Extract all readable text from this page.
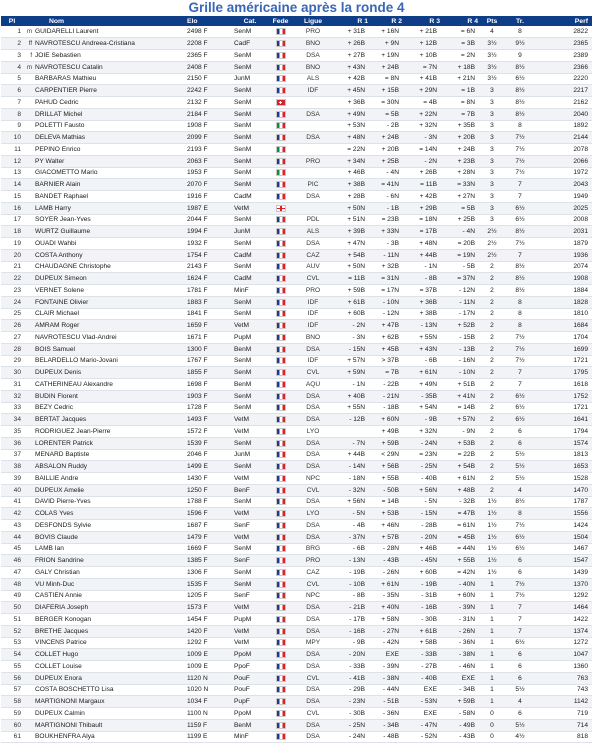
Grille américaine après la ronde 4
Pl	Nom	Elo	Cat.	Fede	Ligue	R 1	R 2	R 3	R 4	Pts	Tr.	Perf
1	m GUIDARELLI Laurent	2498 F	SenM		PRO	+ 31B	+ 16N	+ 21B	= 6N	4	8	2822
2	ff NAVROTESCU Andreea-Cristiana	2208 F	CadF		BNO	+ 26B	+ 9N	+ 12B	= 3B	3½	9½	2365
3	f JOIE Sebastien	2365 F	SenM		DSA	+ 27B	+ 19N	+ 10B	= 2N	3½	9	2389
4	m NAVROTESCU Catalin	2408 F	SenM		BNO	+ 43N	+ 24B	= 7N	+ 18B	3½	8½	2366
5	BARBARAS Mathieu	2150 F	JunM		ALS	+ 42B	= 8N	+ 41B	+ 21N	3½	6½	2220
6	CARPENTIER Pierre	2242 F	SenM		IDF	+ 45N	+ 15B	+ 29N	= 1B	3	8½	2217
7	PAHUD Cedric	2132 F	SenM			+ 36B	= 30N	= 4B	= 8N	3	8½	2162
8	DRILLAT Michel	2184 F	SenM		DSA	+ 49N	= 5B	+ 22N	= 7B	3	8½	2040
9	POLETTI Fausto	1908 F	SenM			+ 53N	- 2B	+ 32N	+ 35B	3	8	1892
10	DELEVA Mathias	2099 F	SenM		DSA	+ 48N	+ 24B	- 3N	+ 20B	3	7½	2144
11	PEPINO Enrico	2193 F	SenM			= 22N	+ 20B	= 14N	+ 24B	3	7½	2078
12	PY Walter	2063 F	SenM		PRO	+ 34N	+ 25B	- 2N	+ 23B	3	7½	2066
13	GIACOMETTO Mario	1953 F	SenM			+ 46B	- 4N	+ 26B	+ 28N	3	7½	1972
14	BARNIER Alain	2070 F	SenM		PIC	+ 38B	= 41N	= 11B	= 33N	3	7	2043
15	BANDET Raphael	1916 F	CadM		DSA	+ 28B	- 6N	+ 42B	+ 27N	3	7	1949
16	LAMB Harry	1987 E	VetM			+ 50N	- 1B	+ 29B	= 5B	3	6½	2025
17	SOYER Jean-Yves	2044 F	SenM		PDL	+ 51N	= 23B	= 18N	+ 25B	3	6½	2008
18	WURTZ Guillaume	1994 F	JunM		ALS	+ 39B	+ 33N	= 17B	- 4N	2½	8½	2031
19	OUADI Wahbi	1932 F	SenM		DSA	+ 47N	- 3B	+ 48N	= 20B	2½	7½	1879
20	COSTA Anthony	1754 F	CadM		CAZ	+ 54B	- 11N	+ 44B	= 19N	2½	7	1936
21	CHAUDAGNE Christophe	2143 F	SenM		AUV	+ 50N	+ 32B	- 1N	- 5B	2	8½	2074
22	DUPEUX Simeon	1624 F	CadM		CVL	= 11B	= 31N	- 8B	= 37N	2	8½	1908
23	VERNET Solene	1781 F	MinF		PRO	+ 59B	= 17N	= 37B	- 12N	2	8½	1884
24	FONTAINE Olivier	1883 F	SenM		IDF	+ 61B	- 10N	+ 36B	- 11N	2	8	1828
25	CLAIR Michael	1841 F	SenM		IDF	+ 60B	- 12N	+ 38B	- 17N	2	8	1810
26	AMRAM Roger	1659 F	VetM		IDF	- 2N	+ 47B	- 13N	+ 52B	2	8	1684
27	NAVROTESCU Vlad-Andrei	1671 F	PupM		BNO	- 3N	+ 62B	+ 55N	- 15B	2	7½	1704
28	BOIS Samuel	1300 F	BenM		DSA	- 15N	+ 45B	+ 43N	- 13B	2	7½	1699
29	BELARDELLO Mario-Jovani	1767 F	SenM		IDF	+ 57N	> 37B	- 6B	- 16N	2	7½	1721
30	DUPEUX Denis	1855 F	SenM		CVL	+ 59N	= 7B	+ 61N	- 10N	2	7	1795
31	CATHERINEAU Alexandre	1698 F	BenM		AQU	- 1N	- 22B	+ 49N	+ 51B	2	7	1618
32	BUDIN Florent	1903 F	SenM		DSA	+ 40B	- 21N	- 35B	+ 41N	2	6½	1752
33	BEZY Cedric	1728 F	SenM		DSA	+ 55N	- 18B	+ 54N	= 14B	2	6½	1721
34	BERTAT Jacques	1493 F	VetM		DSA	- 12B	+ 60N	- 9B	+ 57N	2	6½	1641
35	RODRIGUEZ Jean-Pierre	1572 F	VetM		LYO		+ 49B	+ 32N	- 9N	2	6	1794
36	LORENTER Patrick	1539 F	SenM		DSA	- 7N	+ 59B	- 24N	+ 53B	2	6	1574
37	MENARD Baptiste	2046 F	JunM		DSA	+ 44B	< 29N	= 23N	= 22B	2	5½	1813
38	ABSALON Ruddy	1499 E	SenM		DSA	- 14N	+ 56B	- 25N	+ 54B	2	5½	1653
39	BAILLIE Andre	1430 F	VetM		NPC	- 18N	+ 55B	- 40B	+ 61N	2	5½	1528
40	DUPEUX Amelie	1250 F	BenF		CVL	- 32N	- 50B	+ 56N	+ 48B	2	4	1470
41	DAVID Pierre-Yves	1788 F	SenM		DSA	+ 56N	= 14B	- 5N	- 32B	1½	8½	1787
42	COLAS Yves	1596 F	VetM		LYO	- 5N	+ 53B	- 15N	= 47B	1½	8	1556
43	DESFONDS Sylvie	1687 F	SenF		DSA	- 4B	+ 46N	- 28B	= 61N	1½	7½	1424
44	BOVIS Claude	1479 F	VetM		DSA	- 37N	+ 57B	- 20N	= 45B	1½	6½	1504
45	LAMB Ian	1669 F	SenM		BRG	- 6B	- 28N	+ 46B	= 44N	1½	6½	1467
46	FRION Sandrine	1385 F	SenF		PRO	- 13N	- 43B	- 45N	+ 55B	1½	6	1547
47	GALY Christian	1306 F	SenM		CAZ	- 19B	- 26N	+ 60B	= 42N	1½	6	1439
48	VU Minh-Duc	1535 F	SenM		CVL	- 10B	+ 61N	- 19B	- 40N	1	7½	1370
49	CASTIEN Annie	1205 F	SenF		NPC	- 8B	- 35N	- 31B	+ 60N	1	7½	1292
50	DIAFERIA Joseph	1573 F	VetM		DSA	- 21B	+ 40N	- 16B	- 39N	1	7	1464
51	BERGER Konogan	1454 F	PupM		DSA	- 17B	+ 58N	- 30B	- 31N	1	7	1422
52	BRETHE Jacques	1420 F	VetM		DSA	- 16B	- 27N	+ 61B	- 26N	1	7	1374
53	VINCENS Patrice	1292 F	VetM		MPY	- 9B	- 42N	+ 58B	- 36N	1	6½	1272
54	COLLET Hugo	1009 E	PpoM		DSA	- 20N	EXE	- 33B	- 38N	1	6	1047
55	COLLET Louise	1009 E	PpoF		DSA	- 33B	- 39N	- 27B	- 46N	1	6	1360
56	DUPEUX Enora	1120 N	PouF		CVL	- 41B	- 38N	- 40B	EXE	1	6	763
57	COSTA BOSCHETTO Lisa	1020 N	PouF		DSA	- 29B	- 44N	EXE	- 34B	1	5½	743
58	MARTIGNONI Margaux	1034 F	PupF		DSA	- 23N	- 51B	- 53N	+ 59B	1	4	1142
59	DUPEUX Calmin	1100 N	PpoM		CVL	- 30B	- 36N	EXE	- 58N	0	6	719
60	MARTIGNONI Thibault	1159 F	BenM		DSA	- 25N	- 34B	- 47N	- 49B	0	5½	714
61	BOUKHENFRA Alya	1199 E	MinF		DSA	- 24N	- 48B	- 52N	- 43B	0	4½	818
